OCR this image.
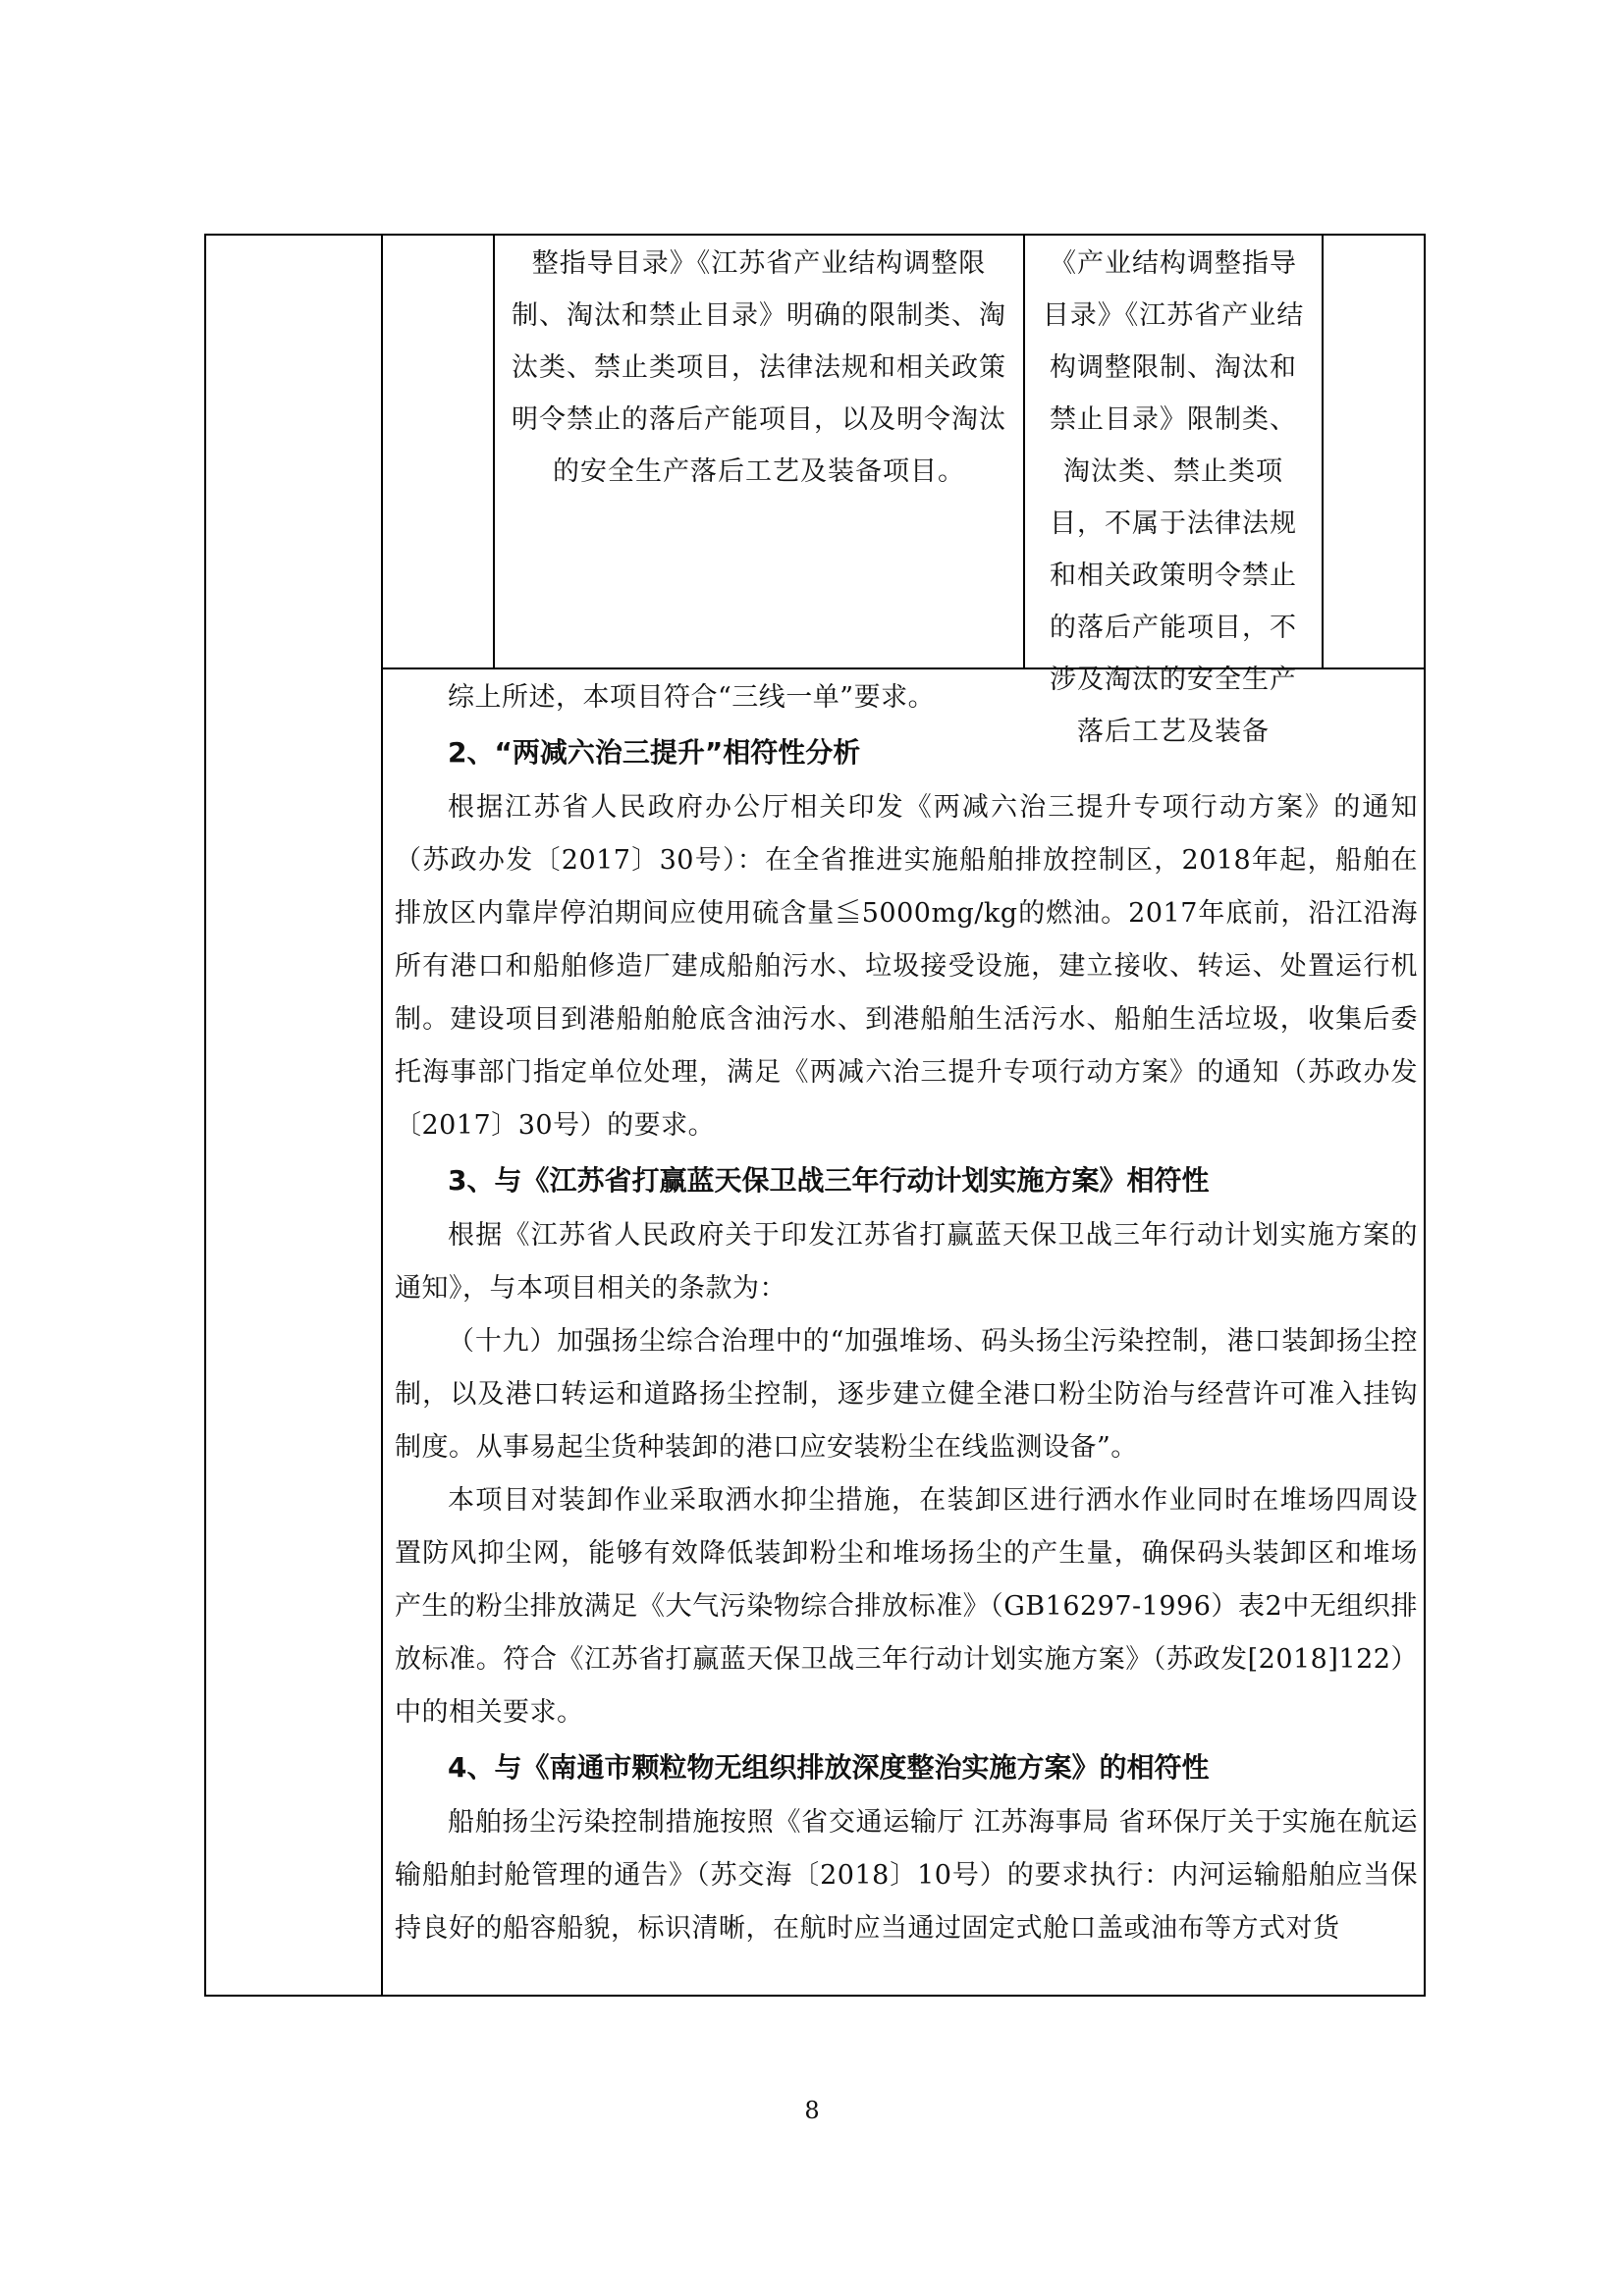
整指导目录》《江苏省产业结构调整限制、淘汰和禁止目录》明确的限制类、淘汰类、禁止类项目，法律法规和相关政策明令禁止的落后产能项目，以及明令淘汰的安全生产落后工艺及装备项目。
《产业结构调整指导目录》《江苏省产业结构调整限制、淘汰和禁止目录》限制类、淘汰类、禁止类项目，不属于法律法规和相关政策明令禁止的落后产能项目，不涉及淘汰的安全生产落后工艺及装备

综上所述，本项目符合“三线一单”要求。

2、“两减六治三提升”相符性分析

根据江苏省人民政府办公厅相关印发《两减六治三提升专项行动方案》的通知（苏政办发〔2017〕30号）：在全省推进实施船舶排放控制区，2018年起，船舶在排放区内靠岸停泊期间应使用硫含量≦5000mg/kg的燃油。2017年底前，沿江沿海所有港口和船舶修造厂建成船舶污水、垃圾接受设施，建立接收、转运、处置运行机制。建设项目到港船舶舱底含油污水、到港船舶生活污水、船舶生活垃圾，收集后委托海事部门指定单位处理，满足《两减六治三提升专项行动方案》的通知（苏政办发〔2017〕30号）的要求。

3、与《江苏省打赢蓝天保卫战三年行动计划实施方案》相符性

根据《江苏省人民政府关于印发江苏省打赢蓝天保卫战三年行动计划实施方案的通知》，与本项目相关的条款为：

（十九）加强扬尘综合治理中的“加强堆场、码头扬尘污染控制，港口装卸扬尘控制，以及港口转运和道路扬尘控制，逐步建立健全港口粉尘防治与经营许可准入挂钩制度。从事易起尘货种装卸的港口应安装粉尘在线监测设备”。

本项目对装卸作业采取洒水抑尘措施，在装卸区进行洒水作业同时在堆场四周设置防风抑尘网，能够有效降低装卸粉尘和堆场扬尘的产生量，确保码头装卸区和堆场产生的粉尘排放满足《大气污染物综合排放标准》（GB16297-1996）表2中无组织排放标准。符合《江苏省打赢蓝天保卫战三年行动计划实施方案》（苏政发[2018]122）中的相关要求。

4、与《南通市颗粒物无组织排放深度整治实施方案》的相符性

船舶扬尘污染控制措施按照《省交通运输厅 江苏海事局 省环保厅关于实施在航运输船舶封舱管理的通告》（苏交海〔2018〕10号）的要求执行：内河运输船舶应当保持良好的船容船貌，标识清晰，在航时应当通过固定式舱口盖或油布等方式对货

8
